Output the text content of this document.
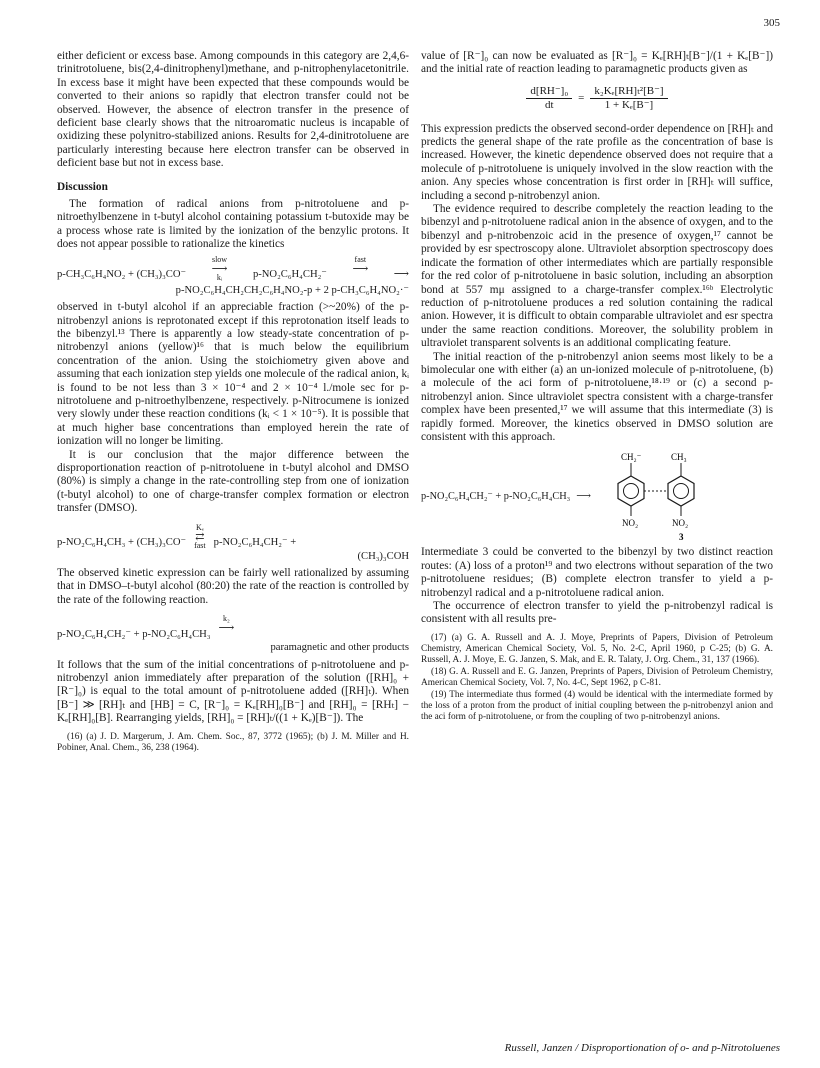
305

either deficient or excess base. Among compounds in this category are 2,4,6-trinitrotoluene, bis(2,4-dinitrophenyl)methane, and p-nitrophenylacetonitrile. In excess base it might have been expected that these compounds would be converted to their anions so rapidly that electron transfer could not be observed. However, the absence of electron transfer in the presence of deficient base clearly shows that the nitroaromatic nucleus is incapable of oxidizing these polynitro-stabilized anions. Results for 2,4-dinitrotoluene are particularly interesting because here electron transfer can be observed in deficient base but not in excess base.

Discussion

The formation of radical anions from p-nitrotoluene and p-nitroethylbenzene in t-butyl alcohol containing potassium t-butoxide may be a process whose rate is limited by the ionization of the benzylic protons. It does not appear possible to rationalize the kinetics

p-CH₃C₆H₄NO₂ + (CH₃)₃CO⁻
slow
⟶
kᵢ	p-NO₂C₆H₄CH₂⁻
fast
⟶

⟶
p-NO₂C₆H₄CH₂CH₂C₆H₄NO₂-p + 2 p-CH₃C₆H₄NO₂·⁻

observed in t-butyl alcohol if an appreciable fraction (>~20%) of the p-nitrobenzyl anions is reprotonated except if this reprotonation itself leads to the bibenzyl.¹³ There is apparently a low steady-state concentration of p-nitrobenzyl anions (yellow)¹⁶ that is much below the equilibrium concentration of the anion. Using the stoichiometry given above and assuming that each ionization step yields one molecule of the radical anion, kᵢ is found to be not less than 3 × 10⁻⁴ and 2 × 10⁻⁴ l./mole sec for p-nitrotoluene and p-nitroethylbenzene, respectively. p-Nitrocumene is ionized very slowly under these reaction conditions (kᵢ < 1 × 10⁻⁵). It is possible that at much higher base concentrations than employed herein the rate of ionization will no longer be limiting.

It is our conclusion that the major difference between the disproportionation reaction of p-nitrotoluene in t-butyl alcohol and DMSO (80%) is simply a change in the rate-controlling step from one of ionization (t-butyl alcohol) to one of charge-transfer complex formation or electron transfer (DMSO).

p-NO₂C₆H₄CH₃ + (CH₃)₃CO⁻
Kₑ
⇄
fast p-NO₂C₆H₄CH₂⁻ +
(CH₃)₃COH

The observed kinetic expression can be fairly well rationalized by assuming that in DMSO–t-butyl alcohol (80:20) the rate of the reaction is controlled by the rate of the following reaction.

p-NO₂C₆H₄CH₂⁻ + p-NO₂C₆H₄CH₃
k₂
⟶

paramagnetic and other products

It follows that the sum of the initial concentrations of p-nitrotoluene and p-nitrobenzyl anion immediately after preparation of the solution ([RH]₀ + [R⁻]₀) is equal to the total amount of p-nitrotoluene added ([RH]ₜ). When [B⁻] ≫ [RH]ₜ and [HB] = C, [R⁻]₀ = Kₑ[RH]₀[B⁻] and [RH]₀ = [RHₜ] − Kₑ[RH]₀[B]. Rearranging yields, [RH]₀ = [RH]ₜ/((1 + Kₑ)[B⁻]). The

(16) (a) J. D. Margerum, J. Am. Chem. Soc., 87, 3772 (1965); (b) J. M. Miller and H. Pobiner, Anal. Chem., 36, 238 (1964).

value of [R⁻]₀ can now be evaluated as [R⁻]₀ = Kₑ[RH]ₜ[B⁻]/(1 + Kₑ[B⁻]) and the initial rate of reaction leading to paramagnetic products given as

$\frac{\text{d[RH⁻]₀}}{dt} = \frac{\text{k₂Kₑ[RH]ₜ²[B⁻]}}{\text{1 + Kₑ[B⁻]}}$

This expression predicts the observed second-order dependence on [RH]ₜ and predicts the general shape of the rate profile as the concentration of base is increased. However, the kinetic dependence observed does not require that a molecule of p-nitrotoluene is uniquely involved in the slow reaction with the anion. Any species whose concentration is first order in [RH]ₜ will suffice, including a second p-nitrobenzyl anion.

The evidence required to describe completely the reaction leading to the bibenzyl and p-nitrotoluene radical anion in the absence of oxygen, and to the bibenzyl and p-nitrobenzoic acid in the presence of oxygen,¹⁷ cannot be provided by esr spectroscopy alone. Ultraviolet absorption spectroscopy does indicate the formation of other intermediates which are partially responsible for the red color of p-nitrotoluene in basic solution, including an absorption bond at 557 mμ assigned to a charge-transfer complex.¹⁶ᵇ Electrolytic reduction of p-nitrotoluene produces a red solution containing the radical anion. However, it is difficult to obtain comparable ultraviolet and esr spectra under the same reaction conditions. Moreover, the solubility problem in ultraviolet transparent solvents is an additional complicating feature.

The initial reaction of the p-nitrobenzyl anion seems most likely to be a bimolecular one with either (a) an un-ionized molecule of p-nitrotoluene, (b) a molecule of the aci form of p-nitrotoluene,¹⁸·¹⁹ or (c) a second p-nitrobenzyl anion. Since ultraviolet spectra consistent with a charge-transfer complex have been presented,¹⁷ we will assume that this intermediate (3) is rapidly formed. Moreover, the kinetics observed in DMSO solution are consistent with this approach.

p-NO₂C₆H₄CH₂⁻ + p-NO₂C₆H₄CH₃ ⟶
CH₂⁻	CH₃
NO₂	NO₂
3

Intermediate 3 could be converted to the bibenzyl by two distinct reaction routes: (A) loss of a proton¹⁹ and two electrons without separation of the two p-nitrotoluene residues; (B) complete electron transfer to yield a p-nitrobenzyl radical and a p-nitrotoluene radical anion.

The occurrence of electron transfer to yield the p-nitrobenzyl radical is consistent with all results pre-

(17) (a) G. A. Russell and A. J. Moye, Preprints of Papers, Division of Petroleum Chemistry, American Chemical Society, Vol. 5, No. 2-C, April 1960, p C-25; (b) G. A. Russell, A. J. Moye, E. G. Janzen, S. Mak, and E. R. Talaty, J. Org. Chem., 31, 137 (1966).

(18) G. A. Russell and E. G. Janzen, Preprints of Papers, Division of Petroleum Chemistry, American Chemical Society, Vol. 7, No. 4-C, Sept 1962, p C-81.

(19) The intermediate thus formed (4) would be identical with the intermediate formed by the loss of a proton from the product of initial coupling between the p-nitrobenzyl anion and the aci form of p-nitrotoluene, or from the coupling of two p-nitrobenzyl anions.

Russell, Janzen / Disproportionation of o- and p-Nitrotoluenes
